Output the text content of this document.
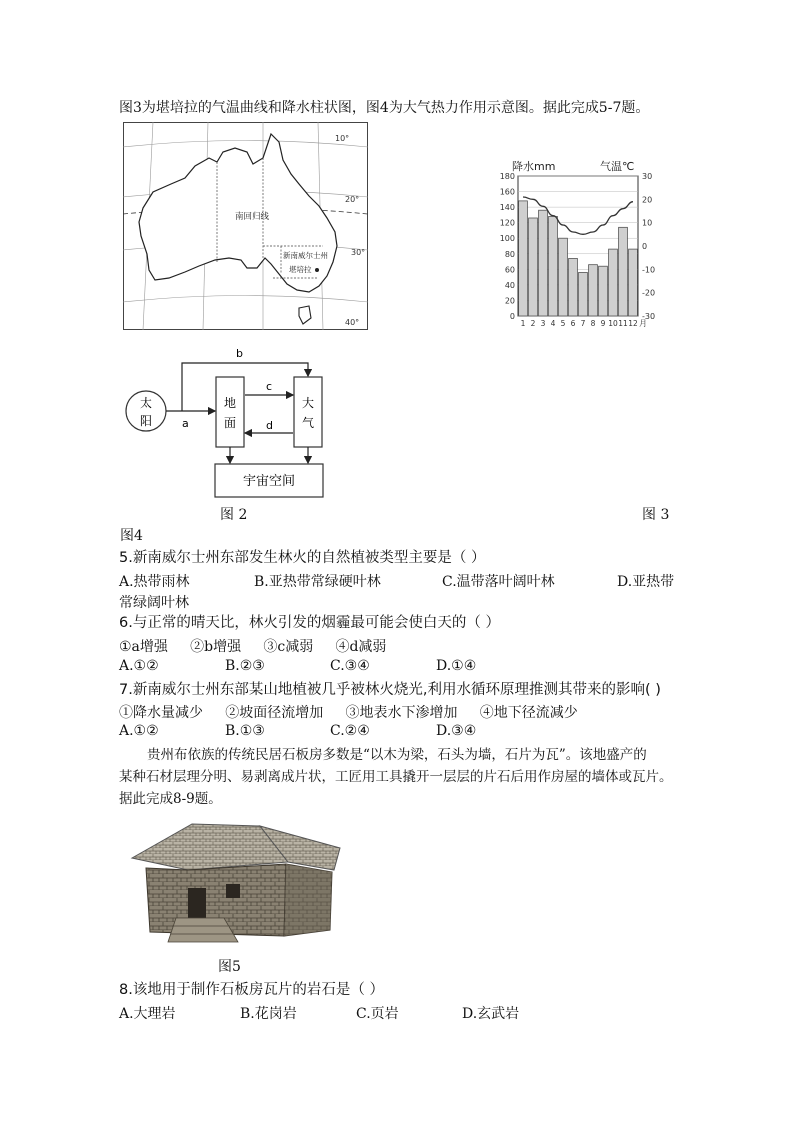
图3为堪培拉的气温曲线和降水柱状图，图4为大气热力作用示意图。据此完成5-7题。
10°
20°
30°
40°
南回归线
新南威尔士州
堪培拉
降水mm	气温℃
180
160
140
120
100
80
60
40
20
0
30
20
10
0
-10
-20
-30
1 2 3 4 5 6 7 8 9 10 11 12 月
太
阳
地
面
大
气
宇宙空间
a
b
c
d
图 2	图 3
图4
5.新南威尔士州东部发生林火的自然植被类型主要是（ ）
A.热带雨林	B.亚热带常绿硬叶林	C.温带落叶阔叶林	D.亚热带
常绿阔叶林
6.与正常的晴天比，林火引发的烟霾最可能会使白天的（ ）
①a增强     ②b增强     ③c减弱     ④d减弱
A.①②	B.②③	C.③④	D.①④
7.新南威尔士州东部某山地植被几乎被林火烧光,利用水循环原理推测其带来的影响( )
①降水量减少     ②坡面径流增加     ③地表水下渗增加     ④地下径流减少
A.①②	B.①③	C.②④	D.③④
贵州布依族的传统民居石板房多数是“以木为梁，石头为墙，石片为瓦”。该地盛产的
某种石材层理分明、易剥离成片状，工匠用工具撬开一层层的片石后用作房屋的墙体或瓦片。
据此完成8-9题。
图5
8.该地用于制作石板房瓦片的岩石是（ ）
A.大理岩	B.花岗岩	C.页岩	D.玄武岩
